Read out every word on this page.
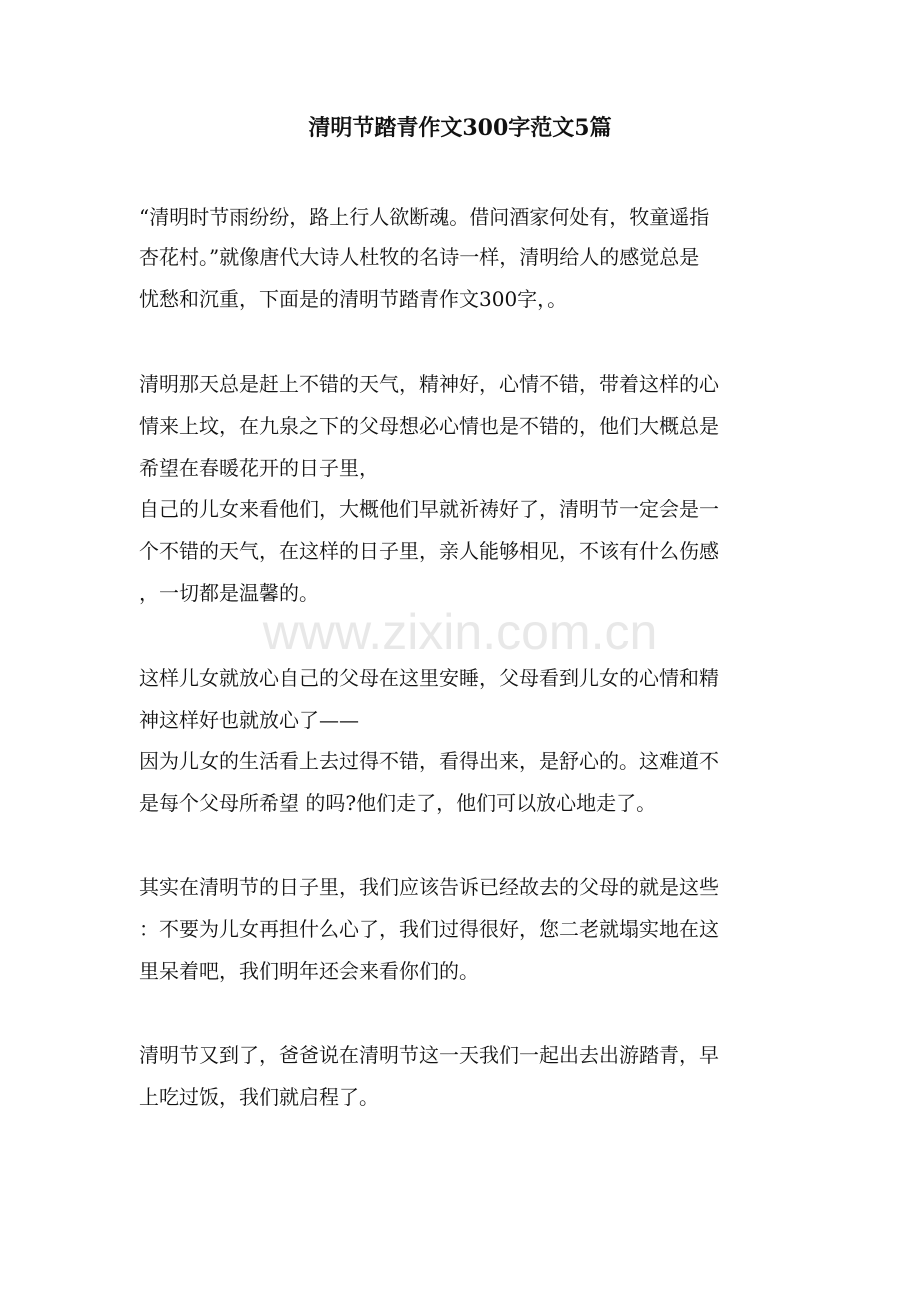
www.zixin.com.cn
清明节踏青作文300字范文5篇
“清明时节雨纷纷，路上行人欲断魂。借问酒家何处有，牧童遥指
杏花村。”就像唐代大诗人杜牧的名诗一样，清明给人的感觉总是
忧愁和沉重，下面是的清明节踏青作文300字，。
清明那天总是赶上不错的天气，精神好，心情不错，带着这样的心
情来上坟，在九泉之下的父母想必心情也是不错的，他们大概总是
希望在春暖花开的日子里，
自己的儿女来看他们，大概他们早就祈祷好了，清明节一定会是一
个不错的天气，在这样的日子里，亲人能够相见，不该有什么伤感
，一切都是温馨的。
这样儿女就放心自己的父母在这里安睡，父母看到儿女的心情和精
神这样好也就放心了——
因为儿女的生活看上去过得不错，看得出来，是舒心的。这难道不
是每个父母所希望 的吗?他们走了，他们可以放心地走了。
其实在清明节的日子里，我们应该告诉已经故去的父母的就是这些
：不要为儿女再担什么心了，我们过得很好，您二老就塌实地在这
里呆着吧，我们明年还会来看你们的。
清明节又到了，爸爸说在清明节这一天我们一起出去出游踏青，早
上吃过饭，我们就启程了。
